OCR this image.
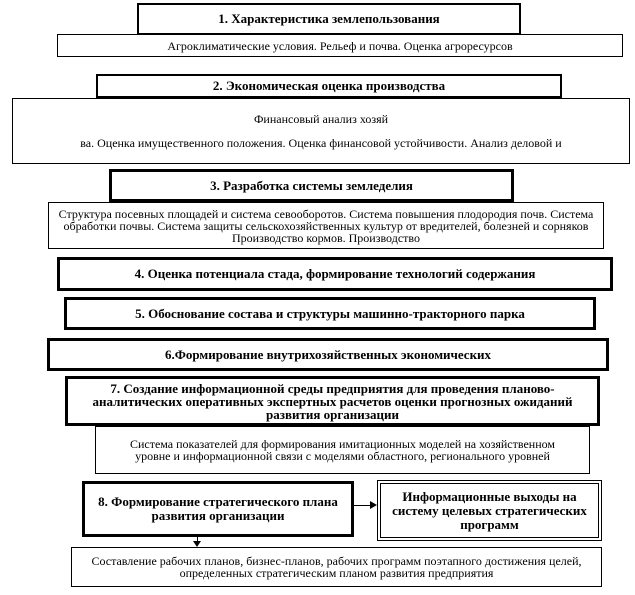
1. Характеристика землепользования
Агроклиматические условия. Рельеф и почва. Оценка агроресурсов
2. Экономическая оценка производства
Финансовый анализ хозяй
ва. Оценка имущественного положения. Оценка финансовой устойчивости. Анализ деловой и
3. Разработка системы земледелия
Структура посевных площадей и система севооборотов. Система повышения плодородия почв. Система обработки почвы. Система защиты сельскохозяйственных культур от вредителей, болезней и сорняков Производство кормов. Производство
4. Оценка потенциала стада, формирование технологий содержания
5. Обоснование состава и структуры машинно-тракторного парка
6.Формирование внутрихозяйственных экономических
7. Создание информационной среды предприятия для проведения планово-аналитических оперативных экспертных расчетов оценки прогнозных ожиданий развития организации
Система показателей для формирования имитационных моделей на хозяйственном уровне и информационной связи с моделями областного, регионального уровней
8. Формирование стратегического плана развития организации
Информационные выходы на систему целевых стратегических программ
Составление рабочих планов, бизнес-планов, рабочих программ поэтапного достижения целей, определенных стратегическим планом развития предприятия
